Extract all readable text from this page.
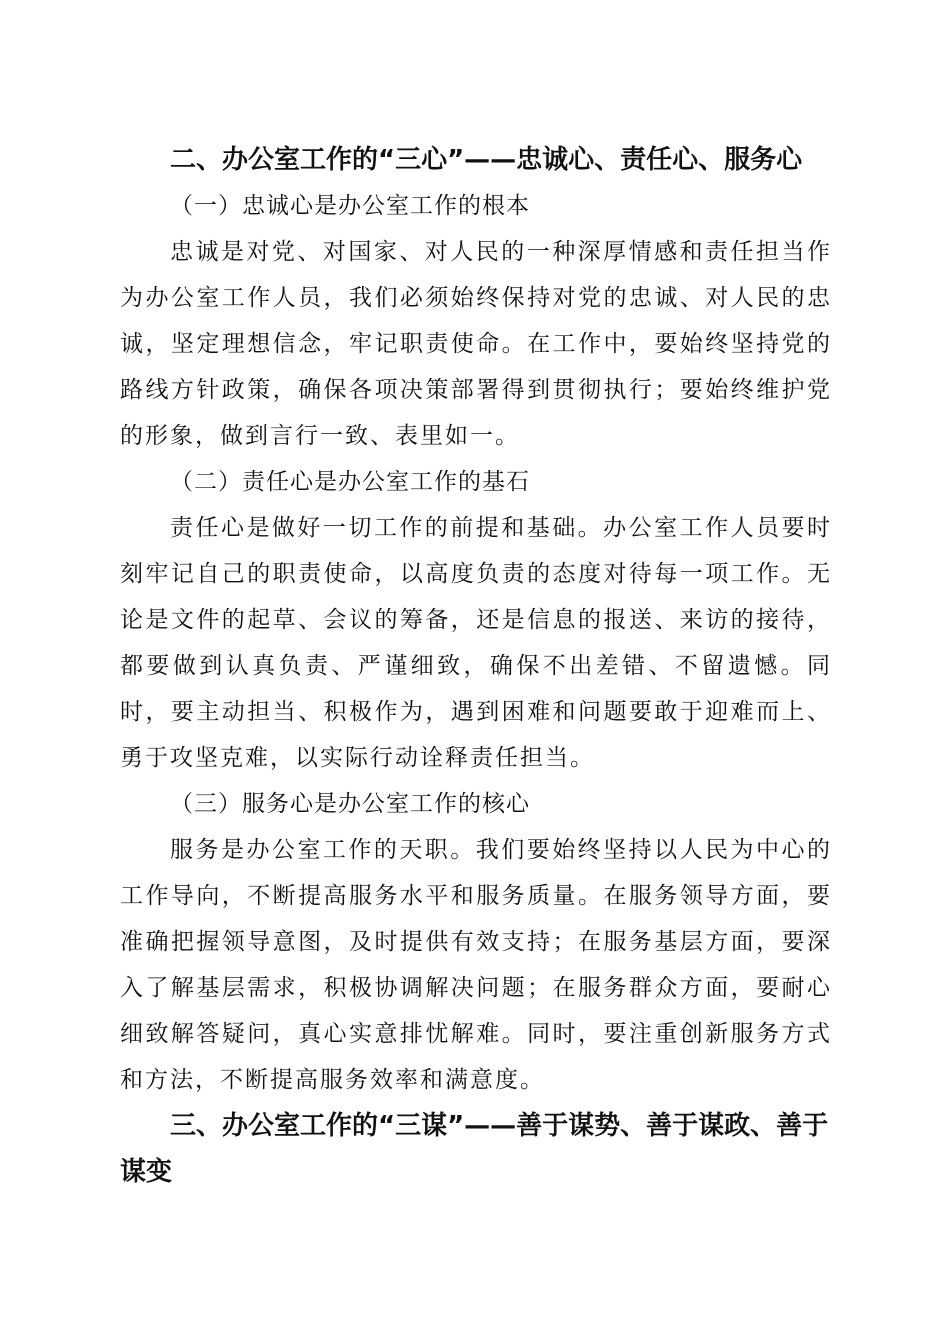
二、办公室工作的“三心”——忠诚心、责任心、服务心

（一）忠诚心是办公室工作的根本

忠诚是对党、对国家、对人民的一种深厚情感和责任担当作为办公室工作人员，我们必须始终保持对党的忠诚、对人民的忠诚，坚定理想信念，牢记职责使命。在工作中，要始终坚持党的路线方针政策，确保各项决策部署得到贯彻执行；要始终维护党的形象，做到言行一致、表里如一。

（二）责任心是办公室工作的基石

责任心是做好一切工作的前提和基础。办公室工作人员要时刻牢记自己的职责使命，以高度负责的态度对待每一项工作。无论是文件的起草、会议的筹备，还是信息的报送、来访的接待，都要做到认真负责、严谨细致，确保不出差错、不留遗憾。同时，要主动担当、积极作为，遇到困难和问题要敢于迎难而上、勇于攻坚克难，以实际行动诠释责任担当。

（三）服务心是办公室工作的核心

服务是办公室工作的天职。我们要始终坚持以人民为中心的工作导向，不断提高服务水平和服务质量。在服务领导方面，要准确把握领导意图，及时提供有效支持；在服务基层方面，要深入了解基层需求，积极协调解决问题；在服务群众方面，要耐心细致解答疑问，真心实意排忧解难。同时，要注重创新服务方式和方法，不断提高服务效率和满意度。

三、办公室工作的“三谋”——善于谋势、善于谋政、善于谋变
